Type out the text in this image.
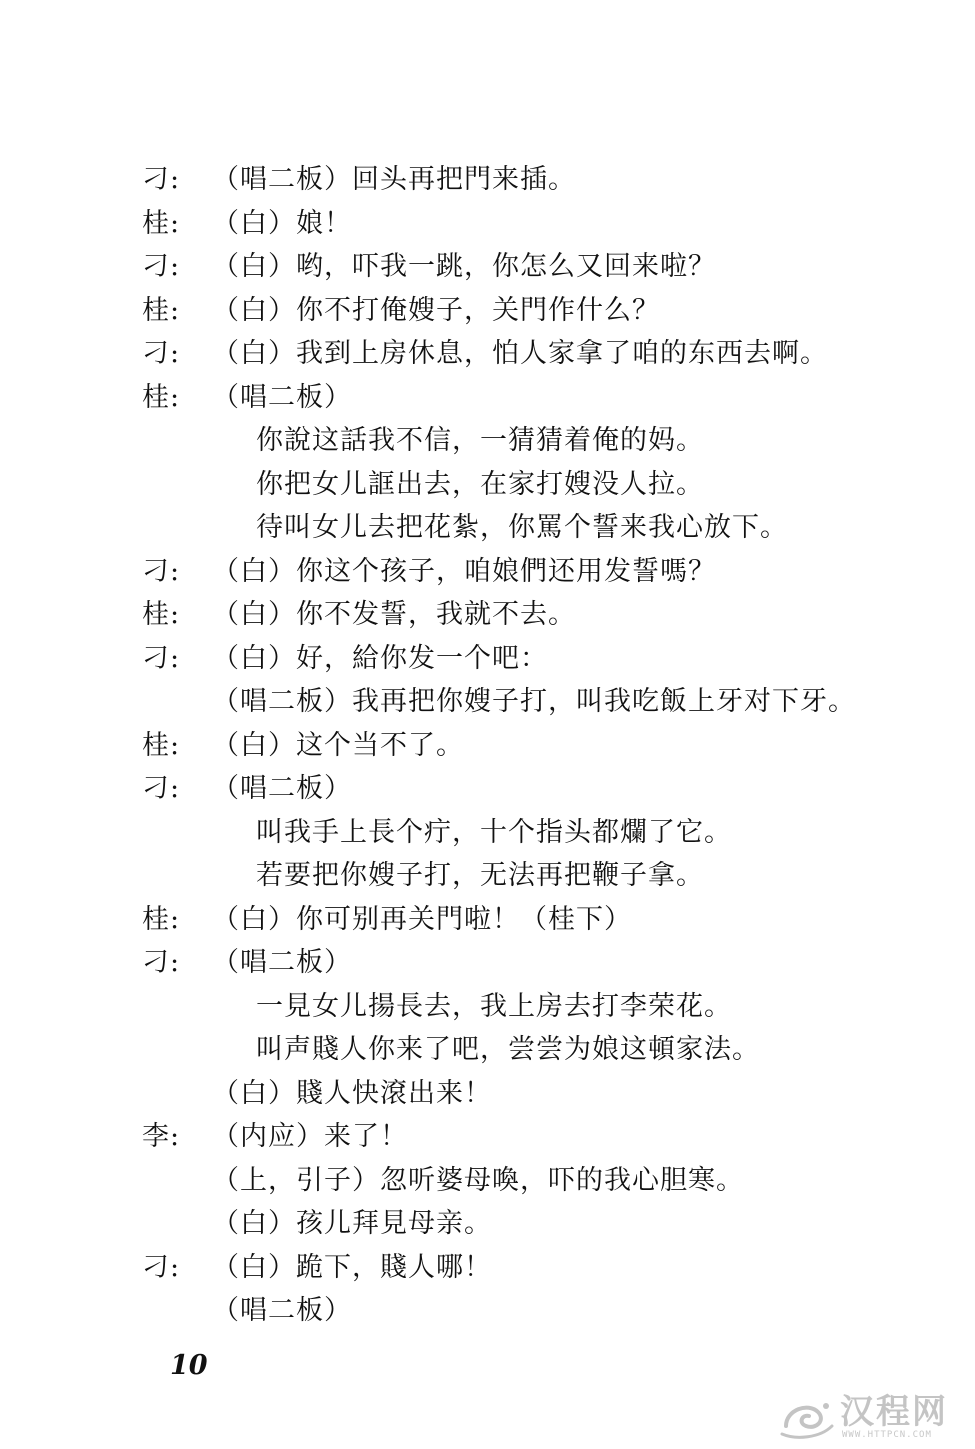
刁:	（唱二板）回头再把門来插。
桂:	（白）娘！
刁:	（白）哟，吓我一跳，你怎么又回来啦？
桂:	（白）你不打俺嫂子，关門作什么？
刁:	（白）我到上房休息，怕人家拿了咱的东西去啊。
桂:	（唱二板）
你說这話我不信，一猜猜着俺的妈。
你把女儿誆出去，在家打嫂没人拉。
待叫女儿去把花紮，你罵个誓来我心放下。
刁:	（白）你这个孩子，咱娘們还用发誓嗎？
桂:	（白）你不发誓，我就不去。
刁:	（白）好，給你发一个吧：
（唱二板）我再把你嫂子打，叫我吃飯上牙对下牙。
桂:	（白）这个当不了。
刁:	（唱二板）
叫我手上長个疔，十个指头都爛了它。
若要把你嫂子打，无法再把鞭子拿。
桂:	（白）你可别再关門啦！（桂下）
刁:	（唱二板）
一見女儿揚長去，我上房去打李荣花。
叫声賤人你来了吧，尝尝为娘这頓家法。
（白）賤人快滾出来！
李:	（内应）来了！
（上，引子）忽听婆母喚，吓的我心胆寒。
（白）孩儿拜見母亲。
刁:	（白）跪下，賤人哪！
（唱二板）
10
汉程网
WWW.HTTPCN.COM
